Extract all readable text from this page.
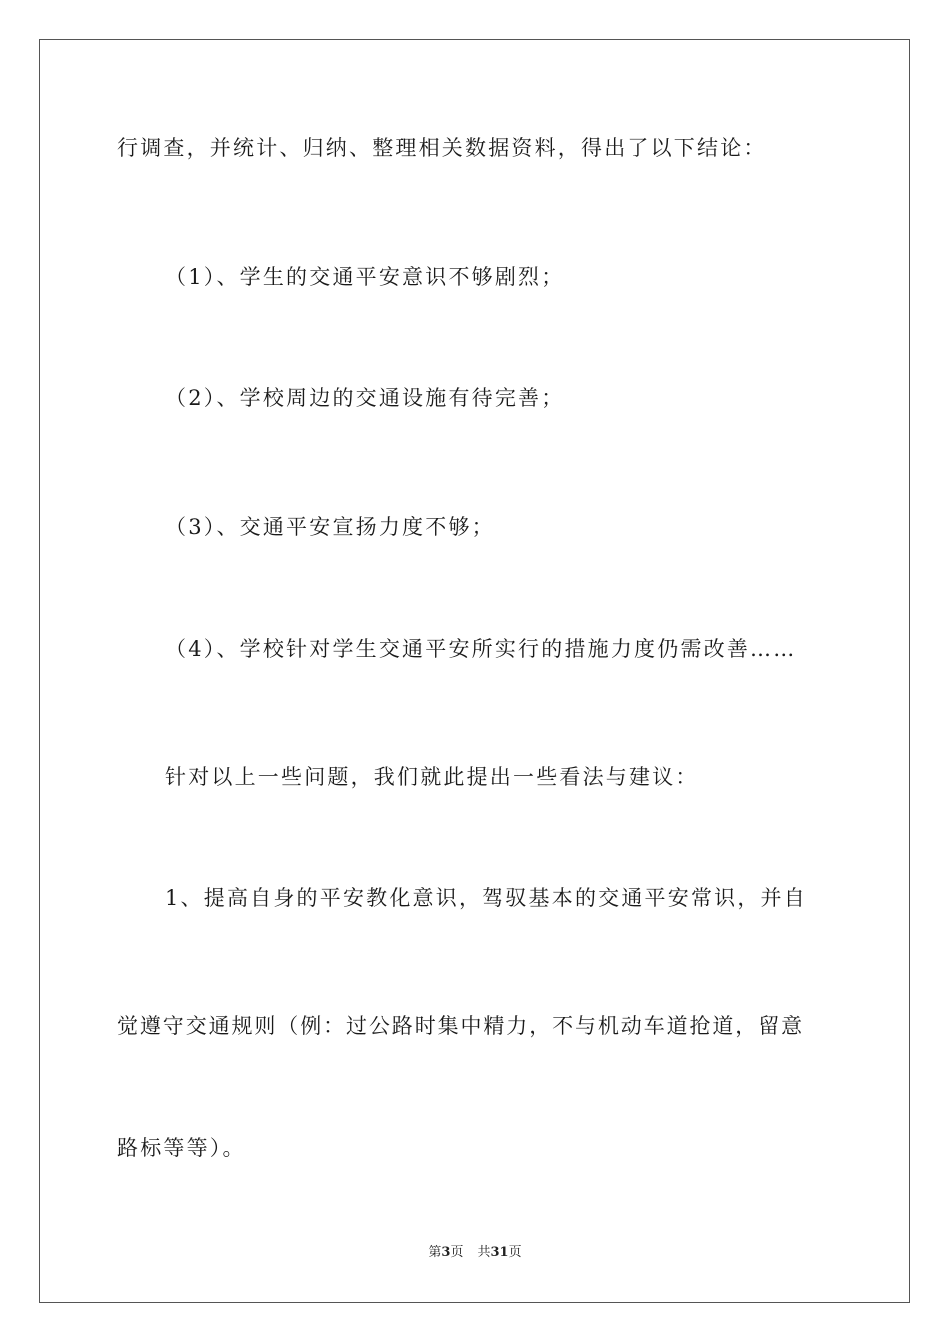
行调查，并统计、归纳、整理相关数据资料，得出了以下结论：
（1）、学生的交通平安意识不够剧烈；
（2）、学校周边的交通设施有待完善；
（3）、交通平安宣扬力度不够；
（4）、学校针对学生交通平安所实行的措施力度仍需改善……
针对以上一些问题，我们就此提出一些看法与建议：
1、提高自身的平安教化意识，驾驭基本的交通平安常识，并自
觉遵守交通规则（例：过公路时集中精力，不与机动车道抢道，留意
路标等等）。
第3页 共31页
